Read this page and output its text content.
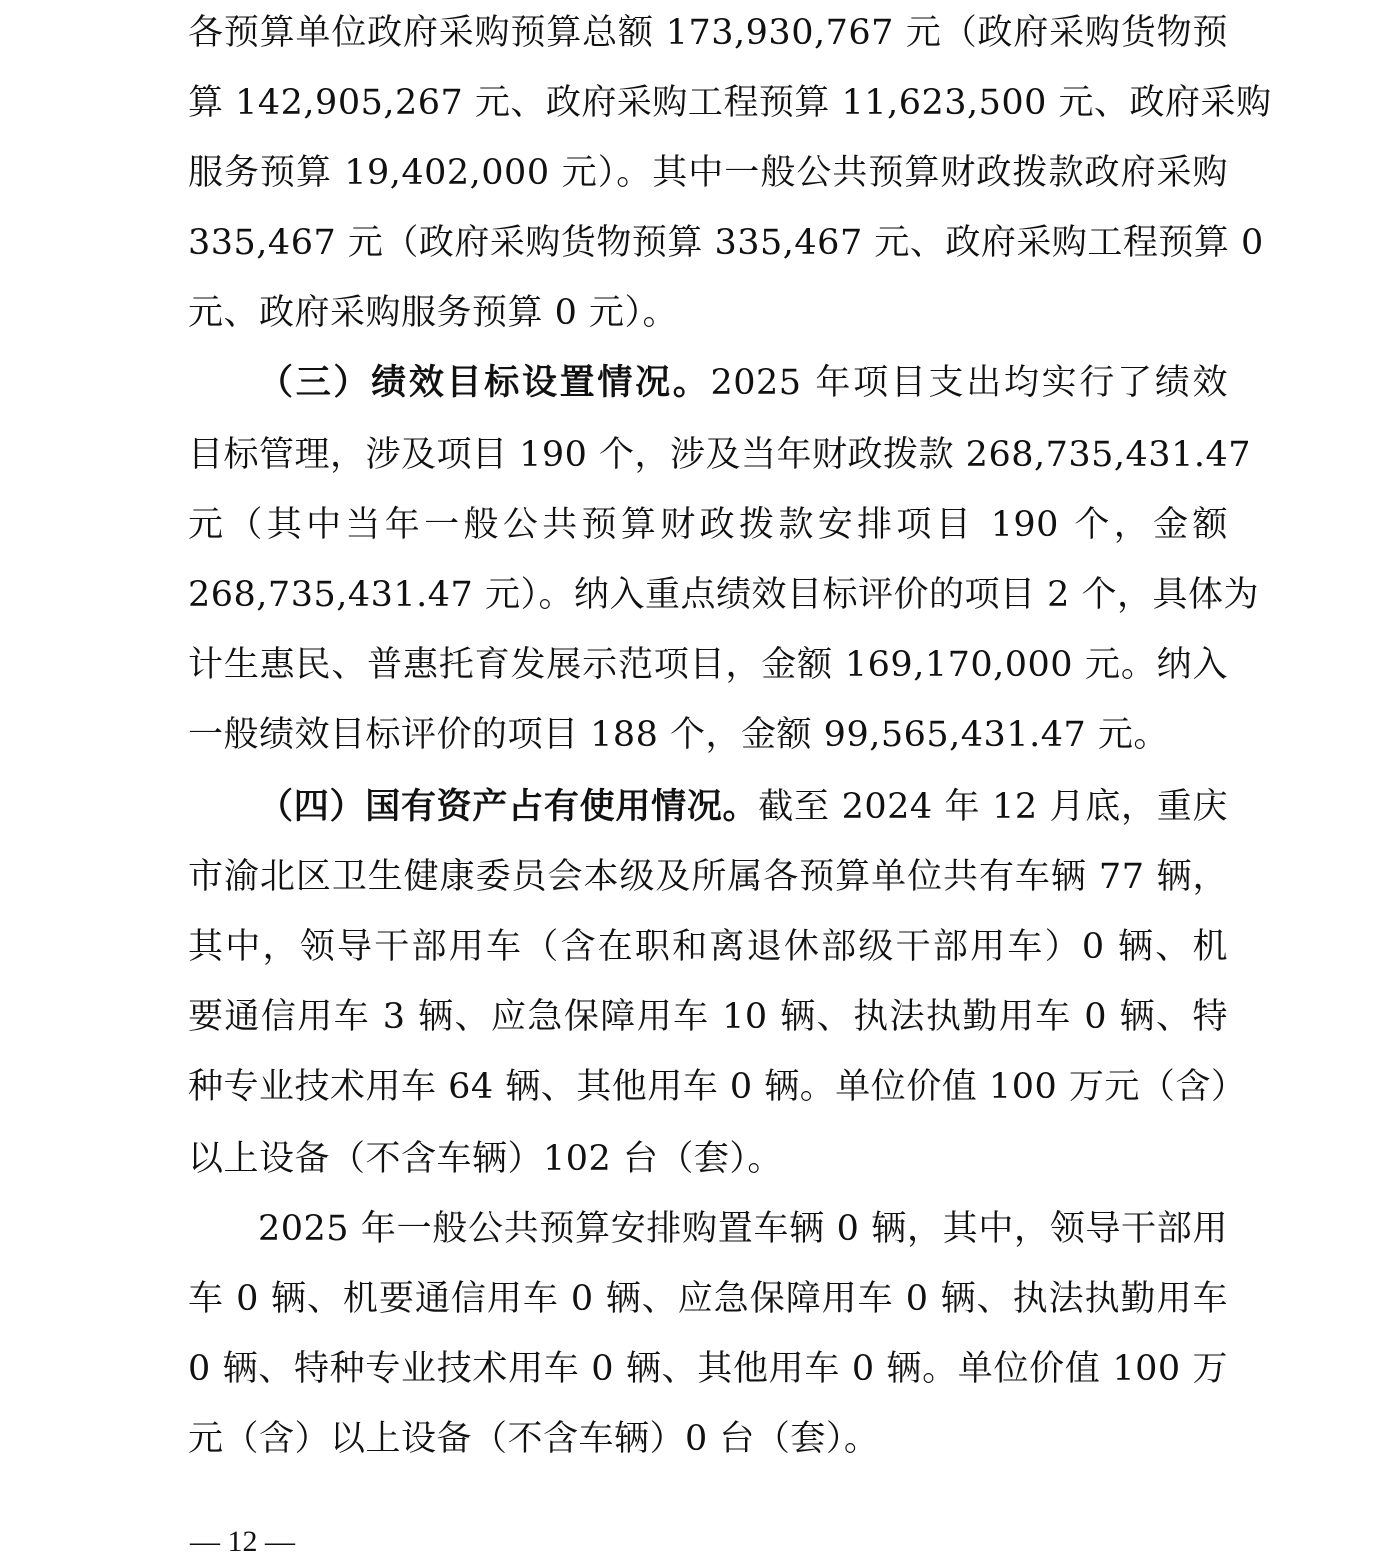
各预算单位政府采购预算总额 173,930,767 元（政府采购货物预
算 142,905,267 元、政府采购工程预算 11,623,500 元、政府采购
服务预算 19,402,000 元）。其中一般公共预算财政拨款政府采购
335,467 元（政府采购货物预算 335,467 元、政府采购工程预算 0
元、政府采购服务预算 0 元）。
（三）绩效目标设置情况。2025 年项目支出均实行了绩效
目标管理，涉及项目 190 个，涉及当年财政拨款 268,735,431.47
元（其中当年一般公共预算财政拨款安排项目 190 个，金额
268,735,431.47 元）。纳入重点绩效目标评价的项目 2 个，具体为
计生惠民、普惠托育发展示范项目，金额 169,170,000 元。纳入
一般绩效目标评价的项目 188 个，金额 99,565,431.47 元。
（四）国有资产占有使用情况。截至 2024 年 12 月底，重庆
市渝北区卫生健康委员会本级及所属各预算单位共有车辆 77 辆，
其中，领导干部用车（含在职和离退休部级干部用车）0 辆、机
要通信用车 3 辆、应急保障用车 10 辆、执法执勤用车 0 辆、特
种专业技术用车 64 辆、其他用车 0 辆。单位价值 100 万元（含）
以上设备（不含车辆）102 台（套）。
2025 年一般公共预算安排购置车辆 0 辆，其中，领导干部用
车 0 辆、机要通信用车 0 辆、应急保障用车 0 辆、执法执勤用车
0 辆、特种专业技术用车 0 辆、其他用车 0 辆。单位价值 100 万
元（含）以上设备（不含车辆）0 台（套）。
— 12 —
